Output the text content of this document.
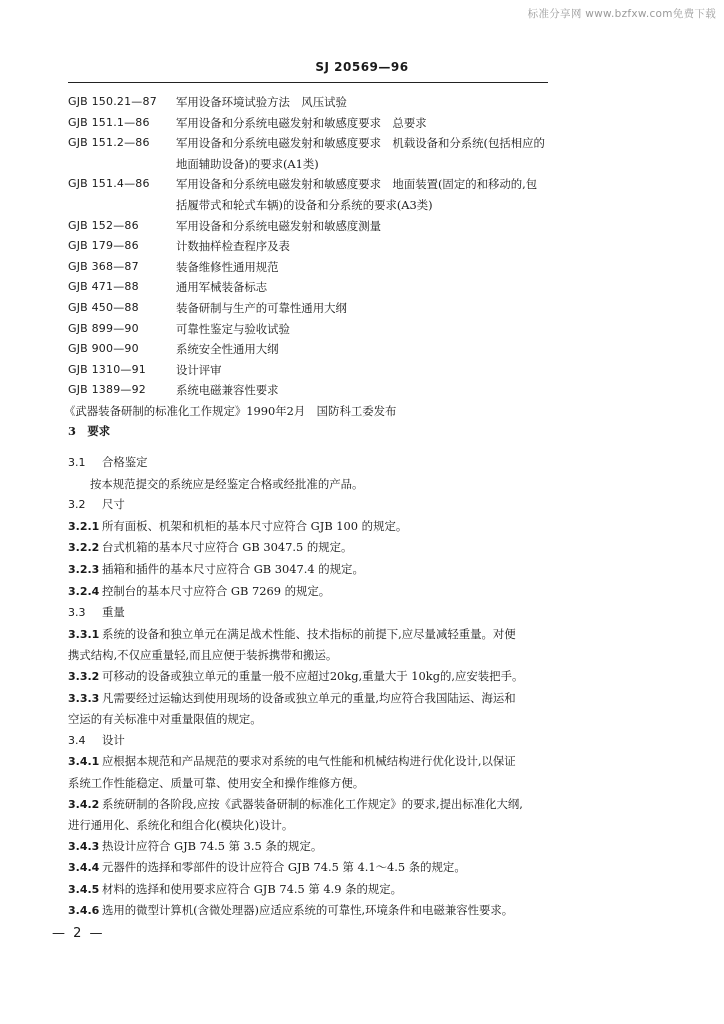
标准分享网 www.bzfxw.com免费下载
SJ 20569—96
GJB 150.21—87	军用设备环境试验方法　风压试验
GJB 151.1—86	军用设备和分系统电磁发射和敏感度要求　总要求
GJB 151.2—86	军用设备和分系统电磁发射和敏感度要求　机载设备和分系统(包括相应的地面辅助设备)的要求(A1类)
GJB 151.4—86	军用设备和分系统电磁发射和敏感度要求　地面装置(固定的和移动的,包括履带式和轮式车辆)的设备和分系统的要求(A3类)
GJB 152—86	军用设备和分系统电磁发射和敏感度测量
GJB 179—86	计数抽样检查程序及表
GJB 368—87	装备维修性通用规范
GJB 471—88	通用军械装备标志
GJB 450—88	装备研制与生产的可靠性通用大纲
GJB 899—90	可靠性鉴定与验收试验
GJB 900—90	系统安全性通用大纲
GJB 1310—91	设计评审
GJB 1389—92	系统电磁兼容性要求

《武器装备研制的标准化工作规定》1990年2月　国防科工委发布

3　要求

3.1 合格鉴定

按本规范提交的系统应是经鉴定合格或经批准的产品。

3.2 尺寸

3.2.1 所有面板、机架和机柜的基本尺寸应符合 GJB 100 的规定。

3.2.2 台式机箱的基本尺寸应符合 GB 3047.5 的规定。

3.2.3 插箱和插件的基本尺寸应符合 GB 3047.4 的规定。

3.2.4 控制台的基本尺寸应符合 GB 7269 的规定。

3.3 重量

3.3.1 系统的设备和独立单元在满足战术性能、技术指标的前提下,应尽量减轻重量。对便

携式结构,不仅应重量轻,而且应便于装拆携带和搬运。

3.3.2 可移动的设备或独立单元的重量一般不应超过20kg,重量大于 10kg的,应安装把手。

3.3.3 凡需要经过运输达到使用现场的设备或独立单元的重量,均应符合我国陆运、海运和

空运的有关标准中对重量限值的规定。

3.4 设计

3.4.1 应根据本规范和产品规范的要求对系统的电气性能和机械结构进行优化设计,以保证

系统工作性能稳定、质量可靠、使用安全和操作维修方便。

3.4.2 系统研制的各阶段,应按《武器装备研制的标准化工作规定》的要求,提出标准化大纲,

进行通用化、系统化和组合化(模块化)设计。

3.4.3 热设计应符合 GJB 74.5 第 3.5 条的规定。

3.4.4 元器件的选择和零部件的设计应符合 GJB 74.5 第 4.1～4.5 条的规定。

3.4.5 材料的选择和使用要求应符合 GJB 74.5 第 4.9 条的规定。

3.4.6 选用的微型计算机(含微处理器)应适应系统的可靠性,环境条件和电磁兼容性要求。

— 2 —
